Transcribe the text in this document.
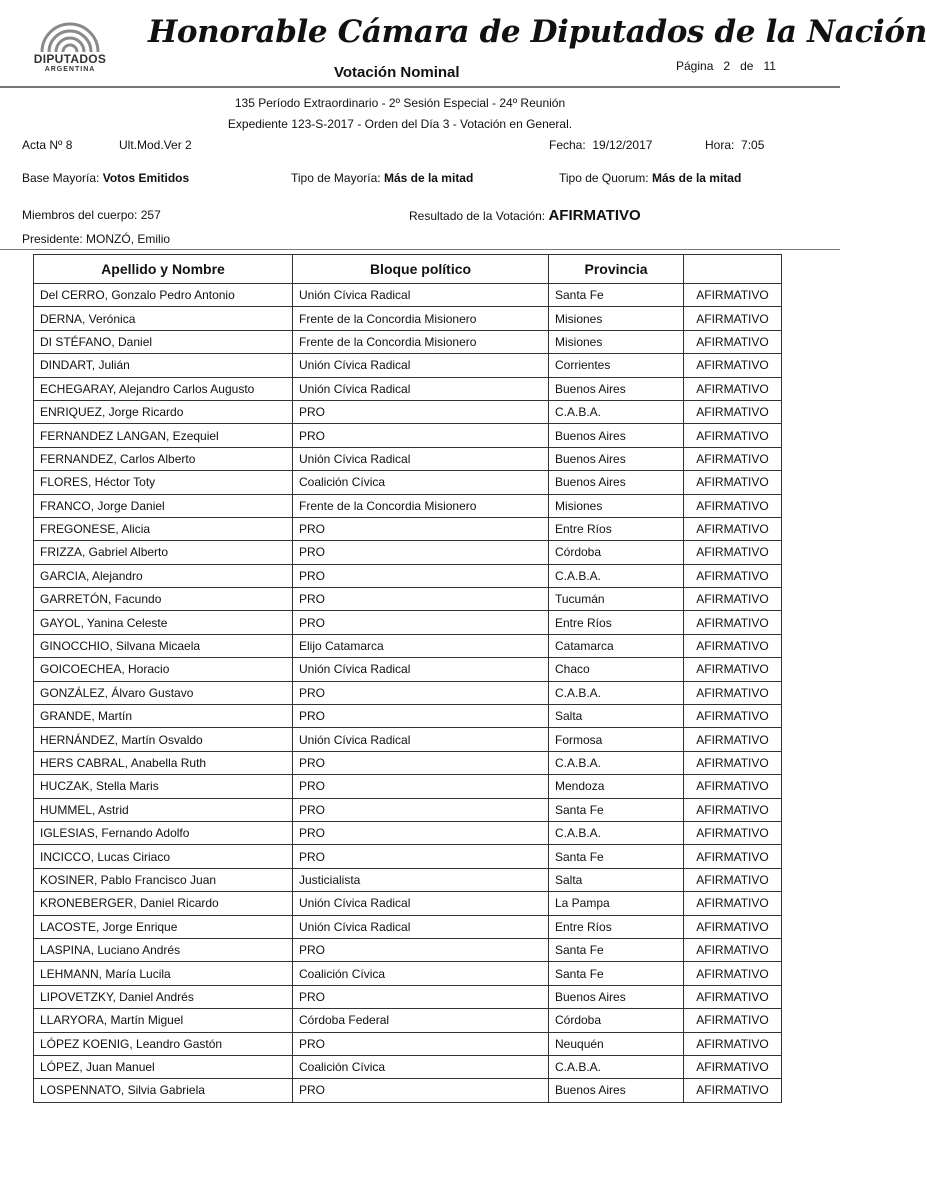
DIPUTADOS
ARGENTINA
Honorable Cámara de Diputados de la Nación
Votación Nominal	Página 2 de 11
135 Período Extraordinario - 2º Sesión Especial - 24º Reunión
Expediente 123-S-2017 - Orden del Día 3 - Votación en General.
Acta Nº 8	Ult.Mod.Ver 2	Fecha: 19/12/2017	Hora: 7:05
Base Mayoría: Votos Emitidos	Tipo de Mayoría: Más de la mitad	Tipo de Quorum: Más de la mitad
Miembros del cuerpo: 257	Resultado de la Votación: AFIRMATIVO
Presidente: MONZÓ, Emilio
Apellido y Nombre	Bloque político	Provincia	
Del CERRO, Gonzalo Pedro Antonio	Unión Cívica Radical	Santa Fe	AFIRMATIVO
DERNA, Verónica	Frente de la Concordia Misionero	Misiones	AFIRMATIVO
DI STÉFANO, Daniel	Frente de la Concordia Misionero	Misiones	AFIRMATIVO
DINDART, Julián	Unión Cívica Radical	Corrientes	AFIRMATIVO
ECHEGARAY, Alejandro Carlos Augusto	Unión Cívica Radical	Buenos Aires	AFIRMATIVO
ENRIQUEZ, Jorge Ricardo	PRO	C.A.B.A.	AFIRMATIVO
FERNANDEZ LANGAN, Ezequiel	PRO	Buenos Aires	AFIRMATIVO
FERNANDEZ, Carlos Alberto	Unión Cívica Radical	Buenos Aires	AFIRMATIVO
FLORES, Héctor Toty	Coalición Cívica	Buenos Aires	AFIRMATIVO
FRANCO, Jorge Daniel	Frente de la Concordia Misionero	Misiones	AFIRMATIVO
FREGONESE, Alicia	PRO	Entre Ríos	AFIRMATIVO
FRIZZA, Gabriel Alberto	PRO	Córdoba	AFIRMATIVO
GARCIA, Alejandro	PRO	C.A.B.A.	AFIRMATIVO
GARRETÓN, Facundo	PRO	Tucumán	AFIRMATIVO
GAYOL, Yanina Celeste	PRO	Entre Ríos	AFIRMATIVO
GINOCCHIO, Silvana Micaela	Elijo Catamarca	Catamarca	AFIRMATIVO
GOICOECHEA, Horacio	Unión Cívica Radical	Chaco	AFIRMATIVO
GONZÁLEZ, Álvaro Gustavo	PRO	C.A.B.A.	AFIRMATIVO
GRANDE, Martín	PRO	Salta	AFIRMATIVO
HERNÁNDEZ, Martín Osvaldo	Unión Cívica Radical	Formosa	AFIRMATIVO
HERS CABRAL, Anabella Ruth	PRO	C.A.B.A.	AFIRMATIVO
HUCZAK, Stella Maris	PRO	Mendoza	AFIRMATIVO
HUMMEL, Astrid	PRO	Santa Fe	AFIRMATIVO
IGLESIAS, Fernando Adolfo	PRO	C.A.B.A.	AFIRMATIVO
INCICCO, Lucas Ciriaco	PRO	Santa Fe	AFIRMATIVO
KOSINER, Pablo Francisco Juan	Justicialista	Salta	AFIRMATIVO
KRONEBERGER, Daniel Ricardo	Unión Cívica Radical	La Pampa	AFIRMATIVO
LACOSTE, Jorge Enrique	Unión Cívica Radical	Entre Ríos	AFIRMATIVO
LASPINA, Luciano Andrés	PRO	Santa Fe	AFIRMATIVO
LEHMANN, María Lucila	Coalición Cívica	Santa Fe	AFIRMATIVO
LIPOVETZKY, Daniel Andrés	PRO	Buenos Aires	AFIRMATIVO
LLARYORA, Martín Miguel	Córdoba Federal	Córdoba	AFIRMATIVO
LÓPEZ KOENIG, Leandro Gastón	PRO	Neuquén	AFIRMATIVO
LÓPEZ, Juan Manuel	Coalición Cívica	C.A.B.A.	AFIRMATIVO
LOSPENNATO, Silvia Gabriela	PRO	Buenos Aires	AFIRMATIVO
